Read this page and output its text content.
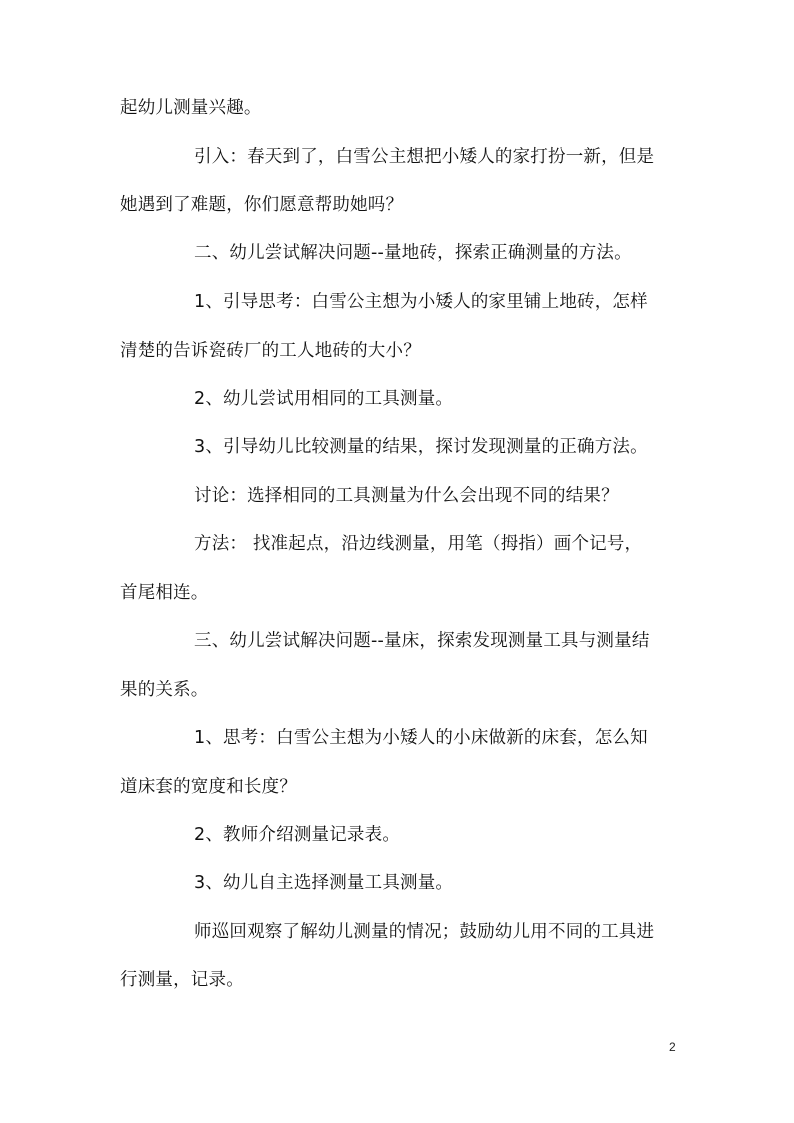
起幼儿测量兴趣。
引入：春天到了，白雪公主想把小矮人的家打扮一新，但是
她遇到了难题，你们愿意帮助她吗？
二、幼儿尝试解决问题--量地砖，探索正确测量的方法。
1、引导思考：白雪公主想为小矮人的家里铺上地砖，怎样
清楚的告诉瓷砖厂的工人地砖的大小？
2、幼儿尝试用相同的工具测量。
3、引导幼儿比较测量的结果，探讨发现测量的正确方法。
讨论：选择相同的工具测量为什么会出现不同的结果？
方法： 找准起点，沿边线测量，用笔（拇指）画个记号，
首尾相连。
三、幼儿尝试解决问题--量床，探索发现测量工具与测量结
果的关系。
1、思考：白雪公主想为小矮人的小床做新的床套，怎么知
道床套的宽度和长度？
2、教师介绍测量记录表。
3、幼儿自主选择测量工具测量。
师巡回观察了解幼儿测量的情况；鼓励幼儿用不同的工具进
行测量，记录。
2
